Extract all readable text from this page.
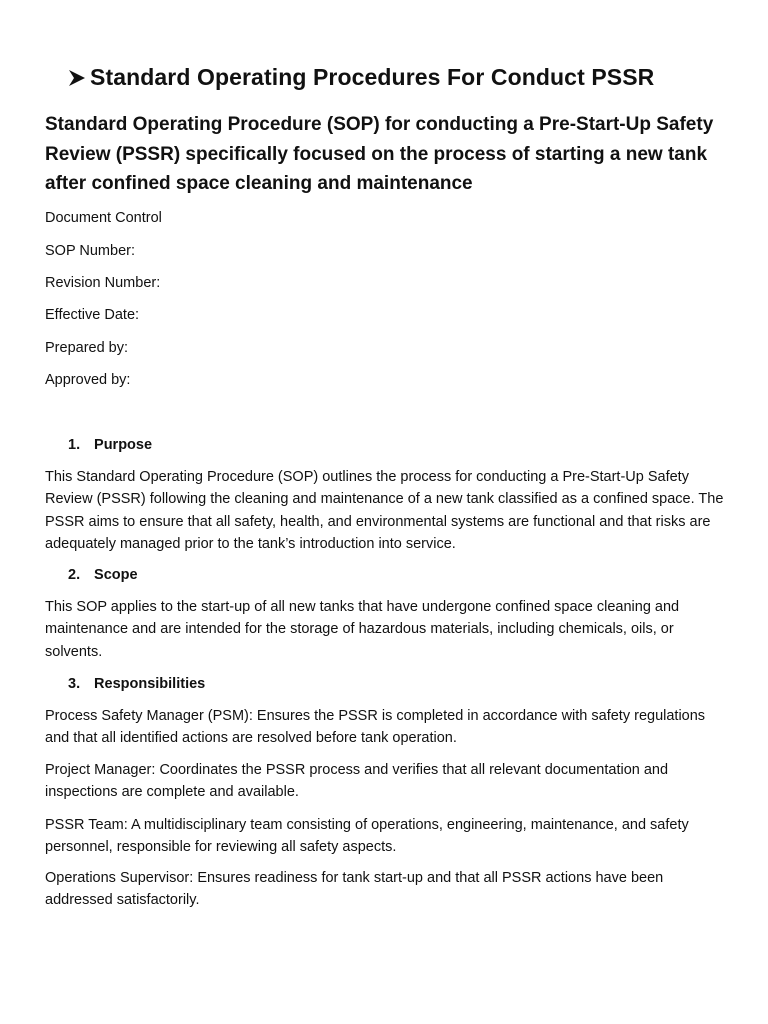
Standard Operating Procedures For Conduct PSSR
Standard Operating Procedure (SOP) for conducting a Pre-Start-Up Safety Review (PSSR) specifically focused on the process of starting a new tank after confined space cleaning and maintenance
Document Control
SOP Number:
Revision Number:
Effective Date:
Prepared by:
Approved by:
1. Purpose
This Standard Operating Procedure (SOP) outlines the process for conducting a Pre-Start-Up Safety Review (PSSR) following the cleaning and maintenance of a new tank classified as a confined space. The PSSR aims to ensure that all safety, health, and environmental systems are functional and that risks are adequately managed prior to the tank’s introduction into service.
2. Scope
This SOP applies to the start-up of all new tanks that have undergone confined space cleaning and maintenance and are intended for the storage of hazardous materials, including chemicals, oils, or solvents.
3. Responsibilities
Process Safety Manager (PSM): Ensures the PSSR is completed in accordance with safety regulations and that all identified actions are resolved before tank operation.
Project Manager: Coordinates the PSSR process and verifies that all relevant documentation and inspections are complete and available.
PSSR Team: A multidisciplinary team consisting of operations, engineering, maintenance, and safety personnel, responsible for reviewing all safety aspects.
Operations Supervisor: Ensures readiness for tank start-up and that all PSSR actions have been addressed satisfactorily.
